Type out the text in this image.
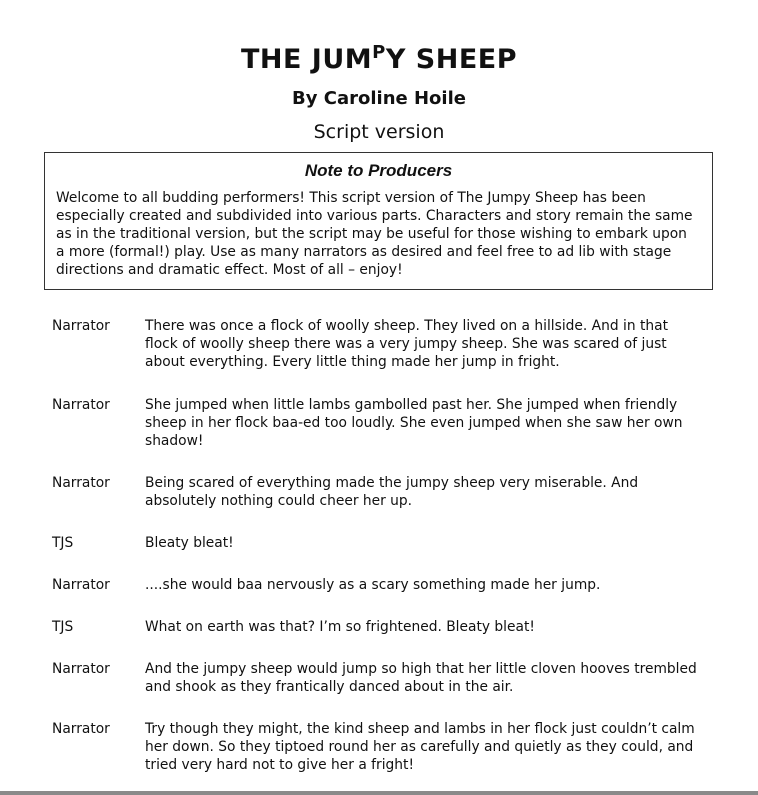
THE $JUM^PY$ SHEEP
By Caroline Hoile
Script version
Note to Producers
Welcome to all budding performers! This script version of The Jumpy Sheep has been especially created and subdivided into various parts. Characters and story remain the same as in the traditional version, but the script may be useful for those wishing to embark upon a more (formal!) play. Use as many narrators as desired and feel free to ad lib with stage directions and dramatic effect. Most of all – enjoy!
Narrator	There was once a flock of woolly sheep. They lived on a hillside. And in that flock of woolly sheep there was a very jumpy sheep. She was scared of just about everything. Every little thing made her jump in fright.
Narrator	She jumped when little lambs gambolled past her. She jumped when friendly sheep in her flock baa-ed too loudly. She even jumped when she saw her own shadow!
Narrator	Being scared of everything made the jumpy sheep very miserable. And absolutely nothing could cheer her up.
TJS	Bleaty bleat!
Narrator	....she would baa nervously as a scary something made her jump.
TJS	What on earth was that? I’m so frightened. Bleaty bleat!
Narrator	And the jumpy sheep would jump so high that her little cloven hooves trembled and shook as they frantically danced about in the air.
Narrator	Try though they might, the kind sheep and lambs in her flock just couldn’t calm her down. So they tiptoed round her as carefully and quietly as they could, and tried very hard not to give her a fright!
